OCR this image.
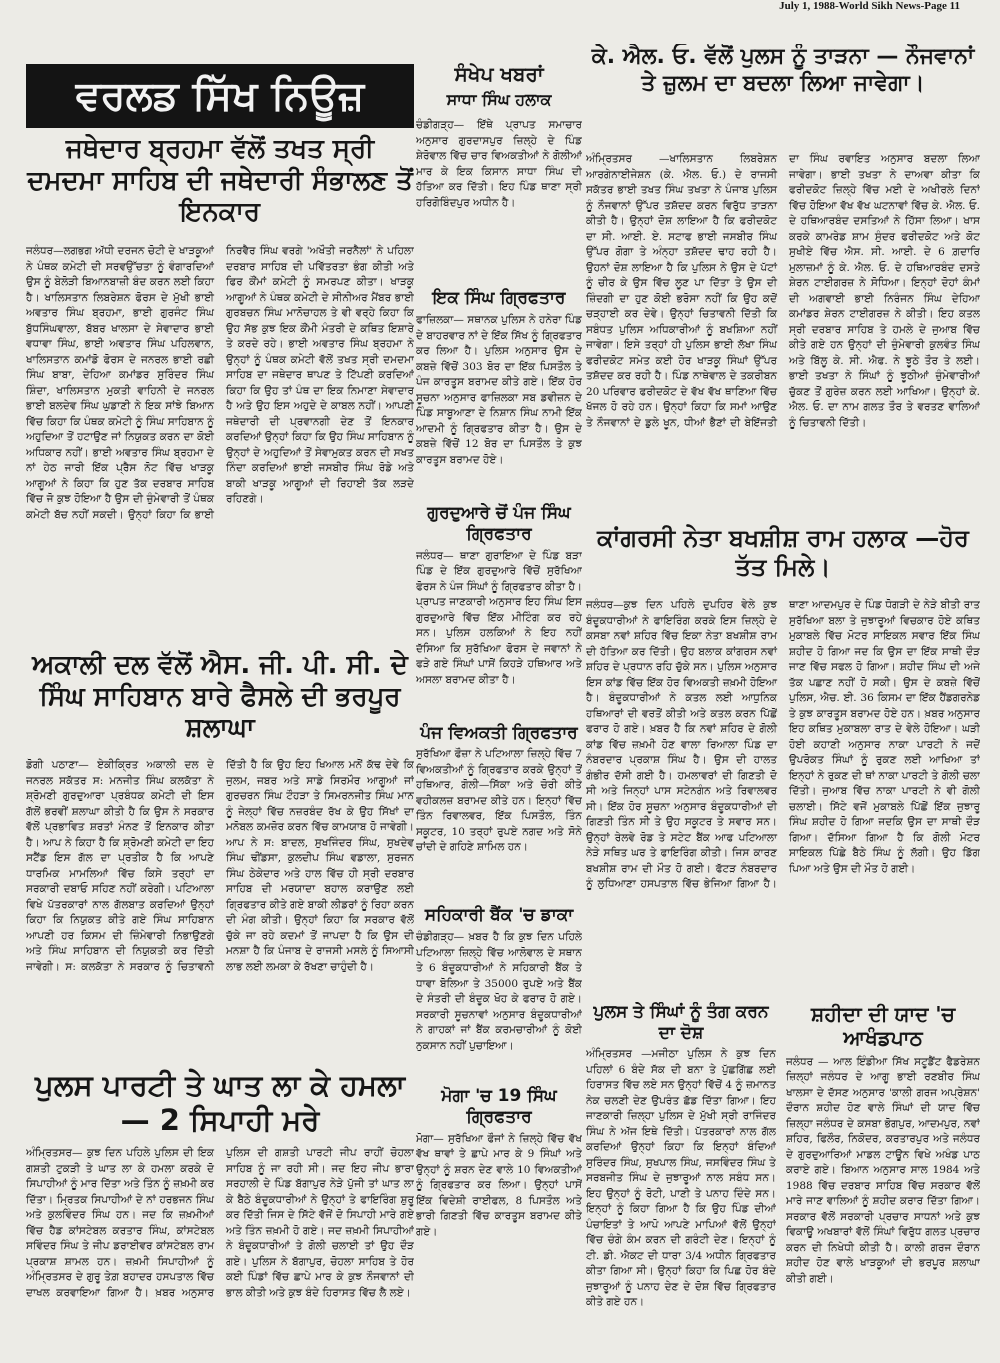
July 1, 1988-World Sikh News-Page 11
ਵਰਲਡ ਸਿੱਖ ਨਿਊਜ਼
ਜਥੇਦਾਰ ਬ੍ਰਹਮਾ ਵੱਲੋਂ ਤਖਤ ਸ੍ਰੀ ਦਮਦਮਾ ਸਾਹਿਬ ਦੀ ਜਥੇਦਾਰੀ ਸੰਭਾਲਣ ਤੋਂ ਇਨਕਾਰ
ਜਲੰਧਰ—ਲਗਭਗ ਅੱਧੀ ਦਰਜਨ ਚੋਟੀ ਦੇ ਖਾੜਕੂਆਂ ਨੇ ਪੰਥਕ ਕਮੇਟੀ ਦੀ ਸਰਵਉੱਚਤਾ ਨੂੰ ਵੰਗਾਰਦਿਆਂ ਉਸ ਨੂੰ ਬੇਲੋੜੀ ਬਿਆਨਬਾਜ਼ੀ ਬੰਦ ਕਰਨ ਲਈ ਕਿਹਾ ਹੈ। ਖਾਲਿਸਤਾਨ ਲਿਬਰੇਸ਼ਨ ਫੋਰਸ ਦੇ ਮੁੱਖੀ ਭਾਈ ਅਵਤਾਰ ਸਿੰਘ ਬ੍ਰਹਮਾ, ਭਾਈ ਗੁਰਜੰਟ ਸਿੰਘ ਬੁੱਧਸਿੰਘਵਾਲਾ, ਬੱਬਰ ਖਾਲਸਾ ਦੇ ਸੇਵਾਦਾਰ ਭਾਈ ਵਧਾਵਾ ਸਿੰਘ, ਭਾਈ ਅਵਤਾਰ ਸਿੰਘ ਪਹਿਲਵਾਨ, ਖਾਲਿਸਤਾਨ ਕਮਾਂਡੋ ਫੋਰਸ ਦੇ ਜਨਰਲ ਭਾਈ ਰਛੀ ਸਿੰਘ ਬਾਬਾ, ਦੇਹਿਆ ਕਮਾਂਡਰ ਸੁਰਿੰਦਰ ਸਿੰਘ ਸ਼ਿੰਦਾ, ਖਾਲਿਸਤਾਨ ਮੁਕਤੀ ਵਾਹਿਨੀ ਦੇ ਜਨਰਲ ਭਾਈ ਬਲਦੇਵ ਸਿੰਘ ਘੁਡਾਣੀ ਨੇ ਇਕ ਸਾਂਝੇ ਬਿਆਨ ਵਿੱਚ ਕਿਹਾ ਕਿ ਪੰਥਕ ਕਮੇਟੀ ਨੂੰ ਸਿੰਘ ਸਾਹਿਬਾਨ ਨੂੰ ਅਹੁਦਿਆ ਤੋਂ ਹਟਾਉਣ ਜਾਂ ਨਿਯੁਕਤ ਕਰਨ ਦਾ ਕੋਈ ਅਧਿਕਾਰ ਨਹੀਂ। ਭਾਈ ਅਵਤਾਰ ਸਿੰਘ ਬ੍ਰਹਮਾ ਦੇ ਨਾਂ ਹੇਠ ਜਾਰੀ ਇੱਕ ਪ੍ਰੈਸ ਨੋਟ ਵਿੱਚ ਖਾੜਕੂ ਆਗੂਆਂ ਨੇ ਕਿਹਾ ਕਿ ਹੁਣ ਤੱਕ ਦਰਬਾਰ ਸਾਹਿਬ ਵਿੱਚ ਜੋ ਕੁਝ ਹੋਇਆ ਹੈ ਉਸ ਦੀ ਜ਼ੁੰਮੇਵਾਰੀ ਤੋਂ ਪੰਥਕ ਕਮੇਟੀ ਬੱਚ ਨਹੀਂ ਸਕਦੀ। ਉਨ੍ਹਾਂ ਕਿਹਾ ਕਿ ਭਾਈ ਨਿਰਵੈਰ ਸਿੰਘ ਵਰਗੇ 'ਅਖੌਤੀ ਜਰਨੈਲਾਂ' ਨੇ ਪਹਿਲਾ ਦਰਬਾਰ ਸਾਹਿਬ ਦੀ ਪਵਿੱਤਰਤਾ ਭੰਗ ਕੀਤੀ ਅਤੇ ਫਿਰ ਕੌਂਮਾਂ ਕਮੇਟੀ ਨੂੰ ਸਮਰਪਣ ਕੀਤਾ। ਖਾੜਕੂ ਆਗੂਆਂ ਨੇ ਪੰਥਕ ਕਮੇਟੀ ਦੇ ਸੀਨੀਅਰ ਮੈਂਬਰ ਭਾਈ ਗੁਰਬਚਨ ਸਿੰਘ ਮਾਨੋਚਾਹਲ ਤੇ ਵੀ ਵਰ੍ਹੇ ਕਿਹਾ ਕਿ ਉਹ ਸੱਭ ਕੁਝ ਇਕ ਕੌਂਮੀ ਮੰਤਰੀ ਦੇ ਕਥਿਤ ਇਸ਼ਾਰੇ ਤੇ ਕਰਦੇ ਰਹੇ। ਭਾਈ ਅਵਤਾਰ ਸਿੰਘ ਬ੍ਰਹਮਾ ਨੇ ਉਨ੍ਹਾਂ ਨੂੰ ਪੰਥਕ ਕਮੇਟੀ ਵੱਲੋਂ ਤਖਤ ਸ੍ਰੀ ਦਮਦਮਾ ਸਾਹਿਬ ਦਾ ਜਥੇਦਾਰ ਥਾਪਣ ਤੇ ਟਿੱਪਣੀ ਕਰਦਿਆਂ ਕਿਹਾ ਕਿ ਉਹ ਤਾਂ ਪੰਥ ਦਾ ਇਕ ਨਿਮਾਣਾ ਸੇਵਾਦਾਰ ਹੈ ਅਤੇ ਉਹ ਇਸ ਅਹੁਦੇ ਦੇ ਕਾਬਲ ਨਹੀਂ। ਆਪਣੀ ਜਥੇਦਾਰੀ ਦੀ ਪ੍ਰਵਾਨਗੀ ਦੇਣ ਤੋਂ ਇਨਕਾਰ ਕਰਦਿਆਂ ਉਨ੍ਹਾਂ ਕਿਹਾ ਕਿ ਉਹ ਸਿੰਘ ਸਾਹਿਬਾਨ ਨੂੰ ਉਨ੍ਹਾਂ ਦੇ ਅਹੁਦਿਆਂ ਤੋਂ ਸੇਵਾਮੁਕਤ ਕਰਨ ਦੀ ਸਖਤ ਨਿੰਦਾ ਕਰਦਿਆਂ ਭਾਈ ਜਸਬੀਰ ਸਿੰਘ ਰੋਡੇ ਅਤੇ ਬਾਕੀ ਖਾੜਕੂ ਆਗੂਆਂ ਦੀ ਰਿਹਾਈ ਤੱਕ ਲੜਦੇ ਰਹਿਣਗੇ।
ਅਕਾਲੀ ਦਲ ਵੱਲੋਂ ਐਸ. ਜੀ. ਪੀ. ਸੀ. ਦੇ ਸਿੰਘ ਸਾਹਿਬਾਨ ਬਾਰੇ ਫੈਸਲੇ ਦੀ ਭਰਪੂਰ ਸ਼ਲਾਘਾ
ਡੋਗੀ ਪਠਾਣਾ— ਏਕੀਕ੍ਰਿਤ ਅਕਾਲੀ ਦਲ ਦੇ ਜਨਰਲ ਸਕੱਤਰ ਸ: ਮਨਜੀਤ ਸਿੰਘ ਕਲਕੱਤਾ ਨੇ ਸ਼੍ਰੋਮਣੀ ਗੁਰਦੁਆਰਾ ਪ੍ਰਬੰਧਕ ਕਮੇਟੀ ਦੀ ਇਸ ਗੱਲੋਂ ਭਰਵੀਂ ਸ਼ਲਾਘਾ ਕੀਤੀ ਹੈ ਕਿ ਉਸ ਨੇ ਸਰਕਾਰ ਵੱਲੋਂ ਪ੍ਰਭਾਵਿਤ ਸ਼ਰਤਾਂ ਮੰਨਣ ਤੋਂ ਇਨਕਾਰ ਕੀਤਾ ਹੈ। ਆਪ ਨੇ ਕਿਹਾ ਹੈ ਕਿ ਸ਼੍ਰੋਮਣੀ ਕਮੇਟੀ ਦਾ ਇਹ ਸਟੈਂਡ ਇਸ ਗੱਲ ਦਾ ਪ੍ਰਤੀਕ ਹੈ ਕਿ ਆਪਣੇ ਧਾਰਮਿਕ ਮਾਮਲਿਆਂ ਵਿੱਚ ਕਿਸੇ ਤਰ੍ਹਾਂ ਦਾ ਸਰਕਾਰੀ ਦਬਾਓ ਸਹਿਣ ਨਹੀਂ ਕਰੇਗੀ। ਪਟਿਆਲਾ ਵਿਖੇ ਪੱਤਰਕਾਰਾਂ ਨਾਲ ਗੱਲਬਾਤ ਕਰਦਿਆਂ ਉਨ੍ਹਾਂ ਕਿਹਾ ਕਿ ਨਿਯੁਕਤ ਕੀਤੇ ਗਏ ਸਿੰਘ ਸਾਹਿਬਾਨ ਆਪਣੀ ਹਰ ਕਿਸਮ ਦੀ ਜ਼ਿੰਮੇਵਾਰੀ ਨਿਭਾਉਣਗੇ ਅਤੇ ਸਿੰਘ ਸਾਹਿਬਾਨ ਦੀ ਨਿਯੁਕਤੀ ਕਰ ਦਿੱਤੀ ਜਾਵੇਗੀ। ਸ: ਕਲਕੱਤਾ ਨੇ ਸਰਕਾਰ ਨੂੰ ਚਿਤਾਵਨੀ ਦਿੱਤੀ ਹੈ ਕਿ ਉਹ ਇਹ ਖਿਆਲ ਮਨੋਂ ਕੱਢ ਦੇਵੇ ਕਿ ਜੁਲਮ, ਜਬਰ ਅਤੇ ਸਾਡੇ ਸਿਰਮੌਰ ਆਗੂਆਂ ਜਾਂ ਗੁਰਚਰਨ ਸਿੰਘ ਟੌਹੜਾ ਤੇ ਸਿਮਰਨਜੀਤ ਸਿੰਘ ਮਾਨ ਨੂੰ ਜੇਲ੍ਹਾਂ ਵਿੱਚ ਨਜ਼ਰਬੰਦ ਰੱਖ ਕੇ ਉਹ ਸਿੱਖਾਂ ਦਾ ਮਨੋਬਲ ਕਮਜ਼ੋਰ ਕਰਨ ਵਿੱਚ ਕਾਮਯਾਬ ਹੋ ਜਾਵੇਗੀ। ਆਪ ਨੇ ਸ: ਬਾਦਲ, ਸੁਖਜਿੰਦਰ ਸਿੰਘ, ਸੁਖਦੇਵ ਸਿੰਘ ਢੀਂਡਸਾ, ਕੁਲਦੀਪ ਸਿੰਘ ਵਡਾਲਾ, ਸੁਰਜਨ ਸਿੰਘ ਠੇਕੇਦਾਰ ਅਤੇ ਹਾਲ ਵਿੱਚ ਹੀ ਸ੍ਰੀ ਦਰਬਾਰ ਸਾਹਿਬ ਦੀ ਮਰਯਾਦਾ ਬਹਾਲ ਕਰਾਉਣ ਲਈ ਗ੍ਰਿਫਤਾਰ ਕੀਤੇ ਗਏ ਬਾਕੀ ਲੀਡਰਾਂ ਨੂੰ ਰਿਹਾ ਕਰਨ ਦੀ ਮੰਗ ਕੀਤੀ। ਉਨ੍ਹਾਂ ਕਿਹਾ ਕਿ ਸਰਕਾਰ ਵੱਲੋਂ ਚੁੱਕੇ ਜਾ ਰਹੇ ਕਦਮਾਂ ਤੋਂ ਜਾਪਦਾ ਹੈ ਕਿ ਉਸ ਦੀ ਮਨਸ਼ਾ ਹੈ ਕਿ ਪੰਜਾਬ ਦੇ ਰਾਜਸੀ ਮਸਲੇ ਨੂੰ ਸਿਆਸੀ ਲਾਭ ਲਈ ਲਮਕਾ ਕੇ ਰੱਖਣਾ ਚਾਹੁੰਦੀ ਹੈ।
ਪੁਲਸ ਪਾਰਟੀ ਤੇ ਘਾਤ ਲਾ ਕੇ ਹਮਲਾ — 2 ਸਿਪਾਹੀ ਮਰੇ
ਅੰਮ੍ਰਿਤਸਰ— ਕੁਝ ਦਿਨ ਪਹਿਲੇ ਪੁਲਿਸ ਦੀ ਇਕ ਗਸ਼ਤੀ ਟੁਕੜੀ ਤੇ ਘਾਤ ਲਾ ਕੇ ਹਮਲਾ ਕਰਕੇ ਦੋ ਸਿਪਾਹੀਆਂ ਨੂੰ ਮਾਰ ਦਿੱਤਾ ਅਤੇ ਤਿੰਨ ਨੂੰ ਜ਼ਖ਼ਮੀ ਕਰ ਦਿੱਤਾ। ਮ੍ਰਿਤਕ ਸਿਪਾਹੀਆਂ ਦੇ ਨਾਂ ਹਰਭਜਨ ਸਿੰਘ ਅਤੇ ਕੁਲਵਿੰਦਰ ਸਿੰਘ ਹਨ। ਜਦ ਕਿ ਜ਼ਖ਼ਮੀਆਂ ਵਿੱਚ ਹੈਡ ਕਾਂਸਟੇਬਲ ਕਰਤਾਰ ਸਿੰਘ, ਕਾਂਸਟੇਬਲ ਸਵਿੰਦਰ ਸਿੰਘ ਤੇ ਜੀਪ ਡਰਾਈਵਰ ਕਾਂਸਟੇਬਲ ਰਾਮ ਪ੍ਰਕਾਸ਼ ਸ਼ਾਮਲ ਹਨ। ਜ਼ਖ਼ਮੀ ਸਿਪਾਹੀਆਂ ਨੂੰ ਅੰਮ੍ਰਿਤਸਰ ਦੇ ਗੁਰੂ ਤੇਗ਼ ਬਹਾਦਰ ਹਸਪਤਾਲ ਵਿੱਚ ਦਾਖਲ ਕਰਵਾਇਆ ਗਿਆ ਹੈ। ਖ਼ਬਰ ਅਨੁਸਾਰ ਪੁਲਿਸ ਦੀ ਗਸ਼ਤੀ ਪਾਰਟੀ ਜੀਪ ਰਾਹੀਂ ਚੋਹਲਾ ਸਾਹਿਬ ਨੂੰ ਜਾ ਰਹੀ ਸੀ। ਜਦ ਇਹ ਜੀਪ ਭਾਰਾ ਸਰਹਾਲੀ ਦੇ ਪਿੰਡ ਬੱਗਾਪੁਰ ਨੇੜੇ ਪੁੱਜੀ ਤਾਂ ਘਾਤ ਲਾ ਕੇ ਬੈਠੇ ਬੰਦੂਕਧਾਰੀਆਂ ਨੇ ਉਨ੍ਹਾਂ ਤੇ ਫਾਇਰਿੰਗ ਸ਼ੁਰੂ ਕਰ ਦਿੱਤੀ ਜਿਸ ਦੇ ਸਿੱਟੇ ਵੱਜੋਂ ਦੋ ਸਿਪਾਹੀ ਮਾਰੇ ਗਏ ਅਤੇ ਤਿੰਨ ਜ਼ਖ਼ਮੀ ਹੋ ਗਏ। ਜਦ ਜ਼ਖ਼ਮੀ ਸਿਪਾਹੀਆਂ ਨੇ ਬੰਦੂਕਧਾਰੀਆਂ ਤੇ ਗੋਲੀ ਚਲਾਈ ਤਾਂ ਉਹ ਦੌੜ ਗਏ। ਪੁਲਿਸ ਨੇ ਬੱਗਾਪੁਰ, ਚੋਹਲਾ ਸਾਹਿਬ ਤੇ ਹੋਰ ਕਈ ਪਿੰਡਾਂ ਵਿੱਚ ਛਾਪੇ ਮਾਰ ਕੇ ਕੁਝ ਨੌਜਵਾਨਾਂ ਦੀ ਭਾਲ ਕੀਤੀ ਅਤੇ ਕੁਝ ਬੰਦੇ ਹਿਰਾਸਤ ਵਿੱਚ ਲੈ ਲਏ।
ਸੰਖੇਪ ਖਬਰਾਂ
ਸਾਧਾ ਸਿੰਘ ਹਲਾਕ
ਚੰਡੀਗੜ੍ਹ— ਇੱਥੇ ਪ੍ਰਾਪਤ ਸਮਾਚਾਰ ਅਨੁਸਾਰ ਗੁਰਦਾਸਪੁਰ ਜ਼ਿਲ੍ਹੇ ਦੇ ਪਿੰਡ ਸ਼ੇਰੋਵਾਲ ਵਿੱਚ ਚਾਰ ਵਿਅਕਤੀਆਂ ਨੇ ਗੋਲੀਆਂ ਮਾਰ ਕੇ ਇਕ ਕਿਸਾਨ ਸਾਧਾ ਸਿੰਘ ਦੀ ਹੱਤਿਆ ਕਰ ਦਿੱਤੀ। ਇਹ ਪਿੰਡ ਥਾਣਾ ਸ੍ਰੀ ਹਰਿਗੋਬਿੰਦਪੁਰ ਅਧੀਨ ਹੈ।
ਇਕ ਸਿੰਘ ਗ੍ਰਿਫਤਾਰ
ਫਾਜ਼ਿਲਕਾ— ਸਥਾਨਕ ਪੁਲਿਸ ਨੇ ਹਨੇਰਾ ਪਿੰਡ ਦੇ ਬਾਹਰਵਾਰ ਨਾਂ ਦੇ ਇੱਕ ਸਿੱਖ ਨੂੰ ਗ੍ਰਿਫਤਾਰ ਕਰ ਲਿਆ ਹੈ। ਪੁਲਿਸ ਅਨੁਸਾਰ ਉਸ ਦੇ ਕਬਜ਼ੇ ਵਿੱਚੋਂ 303 ਬੋਰ ਦਾ ਇੱਕ ਪਿਸਤੌਲ ਤੇ ਪੰਜ ਕਾਰਤੂਸ ਬਰਾਮਦ ਕੀਤੇ ਗਏ। ਇੱਕ ਹੋਰ ਸੂਚਨਾ ਅਨੁਸਾਰ ਫਾਜ਼ਿਲਕਾ ਸਬ ਡਵੀਜ਼ਨ ਦੇ ਪਿੰਡ ਸਾਬੂਆਣਾ ਦੇ ਨਿਸ਼ਾਨ ਸਿੰਘ ਨਾਮੀ ਇੱਕ ਆਦਮੀ ਨੂੰ ਗ੍ਰਿਫਤਾਰ ਕੀਤਾ ਹੈ। ਉਸ ਦੇ ਕਬਜ਼ੇ ਵਿੱਚੋਂ 12 ਬੋਰ ਦਾ ਪਿਸਤੌਲ ਤੇ ਕੁਝ ਕਾਰਤੂਸ ਬਰਾਮਦ ਹੋਏ।
ਗੁਰਦੁਆਰੇ ਚੋਂ ਪੰਜ ਸਿੰਘ ਗ੍ਰਿਫਤਾਰ
ਜਲੰਧਰ— ਥਾਣਾ ਗੁਰਾਇਆ ਦੇ ਪਿੰਡ ਬੜਾ ਪਿੰਡ ਦੇ ਇੱਕ ਗੁਰਦੁਆਰੇ ਵਿੱਚੋਂ ਸੁਰੱਖਿਆ ਫੋਰਸ ਨੇ ਪੰਜ ਸਿੰਘਾਂ ਨੂੰ ਗ੍ਰਿਫਤਾਰ ਕੀਤਾ ਹੈ। ਪ੍ਰਾਪਤ ਜਾਣਕਾਰੀ ਅਨੁਸਾਰ ਇਹ ਸਿੰਘ ਇਸ ਗੁਰਦੁਆਰੇ ਵਿੱਚ ਇੱਕ ਮੀਟਿੰਗ ਕਰ ਰਹੇ ਸਨ। ਪੁਲਿਸ ਹਲਕਿਆਂ ਨੇ ਇਹ ਨਹੀਂ ਦੱਸਿਆ ਕਿ ਸੁਰੱਖਿਆ ਫੋਰਸ ਦੇ ਜਵਾਨਾਂ ਨੇ ਫੜੇ ਗਏ ਸਿੰਘਾਂ ਪਾਸੋਂ ਕਿਹੜੇ ਹਥਿਆਰ ਅਤੇ ਅਸਲਾ ਬਰਾਮਦ ਕੀਤਾ ਹੈ।
ਪੰਜ ਵਿਅਕਤੀ ਗ੍ਰਿਫਤਾਰ
ਸੁਰੱਖਿਆ ਫੌਜ਼ਾ ਨੇ ਪਟਿਆਲਾ ਜ਼ਿਲ੍ਹੇ ਵਿੱਚ 7 ਵਿਅਕਤੀਆਂ ਨੂੰ ਗ੍ਰਿਫਤਾਰ ਕਰਕੇ ਉਨ੍ਹਾਂ ਤੋਂ ਹਥਿਆਰ, ਗੋਲੀ—ਸਿੱਕਾ ਅਤੇ ਚੋਰੀ ਕੀਤੇ ਵਹੀਕਲਜ਼ ਬਰਾਮਦ ਕੀਤੇ ਹਨ। ਇਨ੍ਹਾਂ ਵਿੱਚ ਤਿੰਨ ਰਿਵਾਲਵਰ, ਇੱਕ ਪਿਸਤੌਲ, ਤਿੰਨ ਸਕੂਟਰ, 10 ਤਰ੍ਹਾਂ ਰੁਪਏ ਨਗਦ ਅਤੇ ਸੋਨੇ ਚਾਂਦੀ ਦੇ ਗਹਿਣੇ ਸ਼ਾਮਿਲ ਹਨ।
ਸਹਿਕਾਰੀ ਬੈਂਕ 'ਚ ਡਾਕਾ
ਚੰਡੀਗੜ੍ਹ— ਖ਼ਬਰ ਹੈ ਕਿ ਕੁਝ ਦਿਨ ਪਹਿਲੇ ਪਟਿਆਲਾ ਜ਼ਿਲ੍ਹੇ ਵਿੱਚ ਆਲੋਵਾਲ ਦੇ ਸਥਾਨ ਤੇ 6 ਬੰਦੂਕਧਾਰੀਆਂ ਨੇ ਸਹਿਕਾਰੀ ਬੈਂਕ ਤੇ ਧਾਵਾ ਬੋਲਿਆ ਤੇ 35000 ਰੁਪਏ ਅਤੇ ਬੈਂਕ ਦੇ ਸੰਤਰੀ ਦੀ ਬੰਦੂਕ ਖੋਹ ਕੇ ਫਰਾਰ ਹੋ ਗਏ। ਸਰਕਾਰੀ ਸੂਚਨਾਵਾਂ ਅਨੁਸਾਰ ਬੰਦੂਕਧਾਰੀਆਂ ਨੇ ਗਾਹਕਾਂ ਜਾਂ ਬੈਂਕ ਕਰਮਚਾਰੀਆਂ ਨੂੰ ਕੋਈ ਨੁਕਸਾਨ ਨਹੀਂ ਪੁਚਾਇਆ।
ਮੋਗਾ 'ਚ 19 ਸਿੰਘ ਗ੍ਰਿਫਤਾਰ
ਮੋਗਾ— ਸੁਰੱਖਿਆ ਫੌਜਾਂ ਨੇ ਜ਼ਿਲ੍ਹੇ ਵਿੱਚ ਵੱਖ ਵੱਖ ਥਾਵਾਂ ਤੇ ਛਾਪੇ ਮਾਰ ਕੇ 9 ਸਿੰਘਾਂ ਅਤੇ ਉਨ੍ਹਾਂ ਨੂੰ ਸ਼ਰਨ ਦੇਣ ਵਾਲੇ 10 ਵਿਅਕਤੀਆਂ ਨੂੰ ਗ੍ਰਿਫਤਾਰ ਕਰ ਲਿਆ। ਉਨ੍ਹਾਂ ਪਾਸੋਂ ਇੱਕ ਵਿਦੇਸ਼ੀ ਰਾਈਫਲ, 8 ਪਿਸਤੌਲ ਅਤੇ ਭਾਰੀ ਗਿਣਤੀ ਵਿੱਚ ਕਾਰਤੂਸ ਬਰਾਮਦ ਕੀਤੇ ਗਏ।
ਕੇ. ਐਲ. ਓ. ਵੱਲੋਂ ਪੁਲਸ ਨੂੰ ਤਾੜਨਾ — ਨੌਜਵਾਨਾਂ ਤੇ ਜ਼ੁਲਮ ਦਾ ਬਦਲਾ ਲਿਆ ਜਾਵੇਗਾ।
ਅੰਮ੍ਰਿਤਸਰ —ਖਾਲਿਸਤਾਨ ਲਿਬਰੇਸ਼ਨ ਆਰਗੇਨਾਈਜੇਸ਼ਨ (ਕੇ. ਐਲ. ਓ.) ਦੇ ਰਾਜਸੀ ਸਕੱਤਰ ਭਾਈ ਤਖਤ ਸਿੰਘ ਤਖਤਾ ਨੇ ਪੰਜਾਬ ਪੁਲਿਸ ਨੂੰ ਨੌਜਵਾਨਾਂ ਉੱਪਰ ਤਸ਼ੱਦਦ ਕਰਨ ਵਿਰੁੱਧ ਤਾੜਨਾ ਕੀਤੀ ਹੈ। ਉਨ੍ਹਾਂ ਦੋਸ਼ ਲਾਇਆ ਹੈ ਕਿ ਫਰੀਦਕੋਟ ਦਾ ਸੀ. ਆਈ. ਏ. ਸਟਾਫ ਭਾਈ ਜਸਬੀਰ ਸਿੰਘ ਉੱਪਰ ਗੋਗਾ ਤੇ ਅੰਨ੍ਹਾ ਤਸ਼ੱਦਦ ਢਾਹ ਰਹੀ ਹੈ। ਉਹਨਾਂ ਦੋਸ਼ ਲਾਇਆ ਹੈ ਕਿ ਪੁਲਿਸ ਨੇ ਉਸ ਦੇ ਪੱਟਾਂ ਨੂੰ ਚੀਰ ਕੇ ਉਸ ਵਿੱਚ ਲੂਣ ਪਾ ਦਿੱਤਾ ਤੇ ਉਸ ਦੀ ਜ਼ਿੰਦਗੀ ਦਾ ਹੁਣ ਕੋਈ ਭਰੋਸਾ ਨਹੀਂ ਕਿ ਉਹ ਕਦੋਂ ਚੜ੍ਹਾਈ ਕਰ ਦੇਵੇ। ਉਨ੍ਹਾਂ ਚਿਤਾਵਨੀ ਦਿੱਤੀ ਕਿ ਸਬੰਧਤ ਪੁਲਿਸ ਅਧਿਕਾਰੀਆਂ ਨੂੰ ਬਖਸ਼ਿਆ ਨਹੀਂ ਜਾਵੇਗਾ। ਇਸੇ ਤਰ੍ਹਾਂ ਹੀ ਪੁਲਿਸ ਭਾਈ ਲੱਖਾ ਸਿੰਘ ਫਰੀਦਕੋਟ ਸਮੇਤ ਕਈ ਹੋਰ ਖਾੜਕੂ ਸਿੰਘਾਂ ਉੱਪਰ ਤਸ਼ੱਦਦ ਕਰ ਰਹੀ ਹੈ। ਪਿੰਡ ਨਾਥੇਵਾਲ ਦੇ ਤਕਰੀਬਨ 20 ਪਰਿਵਾਰ ਫਰੀਦਕੋਟ ਦੇ ਵੱਖ ਵੱਖ ਥਾਣਿਆ ਵਿੱਚ ਖੱਜਲ ਹੋ ਰਹੇ ਹਨ। ਉਨ੍ਹਾਂ ਕਿਹਾ ਕਿ ਸਮਾਂ ਆਉਣ ਤੇ ਨੌਜਵਾਨਾਂ ਦੇ ਡੁਲੇ ਖੂਨ, ਧੀਆਂ ਭੈਣਾਂ ਦੀ ਬੇਇੱਜਤੀ ਦਾ ਸਿੰਘ ਰਵਾਇਤ ਅਨੁਸਾਰ ਬਦਲਾ ਲਿਆ ਜਾਵੇਗਾ। ਭਾਈ ਤਖਤਾ ਨੇ ਦਾਅਵਾ ਕੀਤਾ ਕਿ ਫਰੀਦਕੋਟ ਜ਼ਿਲ੍ਹੇ ਵਿੱਚ ਮਈ ਦੇ ਅਖੀਰਲੇ ਦਿਨਾਂ ਵਿੱਚ ਹੋਇਆ ਵੱਖ ਵੱਖ ਘਟਨਾਵਾਂ ਵਿੱਚ ਕੇ. ਐਲ. ਓ. ਦੇ ਹਥਿਆਰਬੰਦ ਦਸਤਿਆਂ ਨੇ ਹਿੱਸਾ ਲਿਆ। ਖਾਸ ਕਰਕੇ ਕਾਮਰੇਡ ਸ਼ਾਮ ਸੁੰਦਰ ਫਰੀਦਕੋਟ ਅਤੇ ਕੋਟ ਸੁਖੀਏ ਵਿੱਚ ਐਸ. ਸੀ. ਆਈ. ਦੇ 6 ਗ਼ਦਾਰਿ ਮੁਲਾਜ਼ਮਾਂ ਨੂੰ ਕੇ. ਐਲ. ਓ. ਦੇ ਹਥਿਆਰਬੰਦ ਦਸਤੇ ਸ਼ੇਰਨ ਟਾਈਗਰਜ਼ ਨੇ ਸੋਧਿਆ। ਇਨ੍ਹਾਂ ਦੋਹਾਂ ਕੰਮਾਂ ਦੀ ਅਗਵਾਈ ਭਾਈ ਨਿਰੰਜਨ ਸਿੰਘ ਦੇਹਿਆ ਕਮਾਂਡਰ ਸ਼ੇਰਨ ਟਾਈਗਰਜ਼ ਨੇ ਕੀਤੀ। ਇਹ ਕਤਲ ਸ੍ਰੀ ਦਰਬਾਰ ਸਾਹਿਬ ਤੇ ਹਮਲੇ ਦੇ ਜੁਆਬ ਵਿੱਚ ਕੀਤੇ ਗਏ ਹਨ ਉਨ੍ਹਾਂ ਦੀ ਜ਼ੁੰਮੇਵਾਰੀ ਕੁਲਵੰਤ ਸਿੰਘ ਅਤੇ ਬਿੱਲੂ ਕੇ. ਸੀ. ਐਫ. ਨੇ ਝੂਠੇ ਤੌਰ ਤੇ ਲਈ। ਭਾਈ ਤਖਤਾ ਨੇ ਸਿੰਘਾਂ ਨੂੰ ਝੂਠੀਆਂ ਜ਼ੁੰਮੇਵਾਰੀਆਂ ਚੁੱਕਣ ਤੋਂ ਗੁਰੇਜ਼ ਕਰਨ ਲਈ ਆਖਿਆ। ਉਨ੍ਹਾਂ ਕੇ. ਐਲ. ਓ. ਦਾ ਨਾਮ ਗਲਤ ਤੌਰ ਤੇ ਵਰਤਣ ਵਾਲਿਆਂ ਨੂੰ ਚਿਤਾਵਨੀ ਦਿੱਤੀ।
ਕਾਂਗਰਸੀ ਨੇਤਾ ਬਖਸ਼ੀਸ਼ ਰਾਮ ਹਲਾਕ —ਹੋਰ ਤੱਤ ਮਿਲੇ।
ਜਲੰਧਰ—ਕੁਝ ਦਿਨ ਪਹਿਲੇ ਦੁਪਹਿਰ ਵੇਲੇ ਕੁਝ ਬੰਦੂਕਧਾਰੀਆਂ ਨੇ ਫਾਇਰਿੰਗ ਕਰਕੇ ਇਸ ਜ਼ਿਲ੍ਹੇ ਦੇ ਕਸਬਾ ਨਵਾਂ ਸ਼ਹਿਰ ਵਿੱਚ ਇਕਾ ਨੇਤਾ ਬਖਸ਼ੀਸ਼ ਰਾਮ ਦੀ ਹੱਤਿਆ ਕਰ ਦਿੱਤੀ। ਉਹ ਬਲਾਕ ਕਾਂਗਰਸ ਨਵਾਂ ਸ਼ਹਿਰ ਦੇ ਪ੍ਰਧਾਨ ਰਹਿ ਚੁੱਕੇ ਸਨ। ਪੁਲਿਸ ਅਨੁਸਾਰ ਇਸ ਕਾਂਡ ਵਿੱਚ ਇੱਕ ਹੋਰ ਵਿਅਕਤੀ ਜ਼ਖ਼ਮੀ ਹੋਇਆ ਹੈ। ਬੰਦੂਕਧਾਰੀਆਂ ਨੇ ਕਤਲ ਲਈ ਆਧੁਨਿਕ ਹਥਿਆਰਾਂ ਦੀ ਵਰਤੋਂ ਕੀਤੀ ਅਤੇ ਕਤਲ ਕਰਨ ਪਿੱਛੋਂ ਫਰਾਰ ਹੋ ਗਏ। ਖ਼ਬਰ ਹੈ ਕਿ ਨਵਾਂ ਸ਼ਹਿਰ ਦੇ ਗੋਲੀ ਕਾਂਡ ਵਿੱਚ ਜ਼ਖ਼ਮੀ ਹੋਣ ਵਾਲਾ ਰਿਆਲਾ ਪਿੰਡ ਦਾ ਨੰਬਰਦਾਰ ਪ੍ਰਕਾਸ਼ ਸਿੰਘ ਹੈ। ਉਸ ਦੀ ਹਾਲਤ ਗੰਭੀਰ ਦੱਸੀ ਗਈ ਹੈ। ਹਮਲਾਵਰਾਂ ਦੀ ਗਿਣਤੀ ਦੋ ਸੀ ਅਤੇ ਜਿਨ੍ਹਾਂ ਪਾਸ ਸਟੇਨਗੰਨ ਅਤੇ ਰਿਵਾਲਵਰ ਸੀ। ਇੱਕ ਹੋਰ ਸੂਚਨਾ ਅਨੁਸਾਰ ਬੰਦੂਕਧਾਰੀਆਂ ਦੀ ਗਿਣਤੀ ਤਿੰਨ ਸੀ ਤੇ ਉਹ ਸਕੂਟਰ ਤੇ ਸਵਾਰ ਸਨ। ਉਨ੍ਹਾਂ ਰੇਲਵੇ ਰੋਡ ਤੇ ਸਟੇਟ ਬੈਂਕ ਆਫ ਪਟਿਆਲਾ ਨੇੜੇ ਸਥਿਤ ਘਰ ਤੇ ਫਾਇਰਿੰਗ ਕੀਤੀ। ਜਿਸ ਕਾਰਣ ਬਖਸ਼ੀਸ਼ ਰਾਮ ਦੀ ਮੌਤ ਹੋ ਗਈ। ਫੱਟੜ ਨੰਬਰਦਾਰ ਨੂੰ ਲੁਧਿਆਣਾ ਹਸਪਤਾਲ ਵਿੱਚ ਭੇਜਿਆ ਗਿਆ ਹੈ। ਥਾਣਾ ਆਦਮਪੁਰ ਦੇ ਪਿੰਡ ਧੋਗੜੀ ਦੇ ਨੇੜੇ ਬੀਤੀ ਰਾਤ ਸੁਰੱਖਿਆ ਬਲਾ ਤੇ ਜੁਝਾਰੂਆਂ ਵਿਚਕਾਰ ਹੋਏ ਕਥਿਤ ਮੁਕਾਬਲੇ ਵਿੱਚ ਮੋਟਰ ਸਾਇਕਲ ਸਵਾਰ ਇੱਕ ਸਿੰਘ ਸ਼ਹੀਦ ਹੋ ਗਿਆ ਜਦ ਕਿ ਉਸ ਦਾ ਇੱਕ ਸਾਥੀ ਦੌੜ ਜਾਣ ਵਿੱਚ ਸਫਲ ਹੋ ਗਿਆ। ਸ਼ਹੀਦ ਸਿੰਘ ਦੀ ਅਜੇ ਤੱਕ ਪਛਾਣ ਨਹੀਂ ਹੋ ਸਕੀ। ਉਸ ਦੇ ਕਬਜ਼ੇ ਵਿੱਚੋਂ ਪੁਲਿਸ, ਐਚ. ਈ. 36 ਕਿਸਮ ਦਾ ਇੱਕ ਹੈਂਡਗਰਨੇਡ ਤੇ ਕੁਝ ਕਾਰਤੂਸ ਬਰਾਮਦ ਹੋਏ ਹਨ। ਖ਼ਬਰ ਅਨੁਸਾਰ ਇਹ ਕਥਿਤ ਮੁਕਾਬਲਾ ਰਾਤ ਦੇ ਵੇਲੇ ਹੋਇਆ। ਘੜੀ ਹੋਈ ਕਹਾਣੀ ਅਨੁਸਾਰ ਨਾਕਾ ਪਾਰਟੀ ਨੇ ਜਦੋਂ ਉਪਰੋਕਤ ਸਿੰਘਾਂ ਨੂੰ ਰੁਕਣ ਲਈ ਆਖਿਆ ਤਾਂ ਇਨ੍ਹਾਂ ਨੇ ਰੁਕਣ ਦੀ ਥਾਂ ਨਾਕਾ ਪਾਰਟੀ ਤੇ ਗੋਲੀ ਚਲਾ ਦਿੱਤੀ। ਜੁਆਬ ਵਿੱਚ ਨਾਕਾ ਪਾਰਟੀ ਨੇ ਵੀ ਗੋਲੀ ਚਲਾਈ। ਸਿੱਟੇ ਵਜੋਂ ਮੁਕਾਬਲੇ ਪਿੱਛੋਂ ਇੱਕ ਜੁਝਾਰੂ ਸਿੰਘ ਸ਼ਹੀਦ ਹੋ ਗਿਆ ਜਦਕਿ ਉਸ ਦਾ ਸਾਥੀ ਦੌੜ ਗਿਆ। ਦੱਸਿਆ ਗਿਆ ਹੈ ਕਿ ਗੋਲੀ ਮੋਟਰ ਸਾਇਕਲ ਪਿੱਛੇ ਬੈਠੇ ਸਿੰਘ ਨੂੰ ਲੱਗੀ। ਉਹ ਡਿੱਗ ਪਿਆ ਅਤੇ ਉਸ ਦੀ ਮੌਤ ਹੋ ਗਈ।
ਪੁਲਸ ਤੇ ਸਿੰਘਾਂ ਨੂੰ ਤੰਗ ਕਰਨ ਦਾ ਦੋਸ਼
ਅੰਮ੍ਰਿਤਸਰ —ਮਜੀਠਾ ਪੁਲਿਸ ਨੇ ਕੁਝ ਦਿਨ ਪਹਿਲਾਂ 6 ਬੰਦੇ ਸੱਕ ਦੀ ਬਨਾ ਤੇ ਪੁੱਛਗਿੱਛ ਲਈ ਹਿਰਾਸਤ ਵਿੱਚ ਲਏ ਸਨ ਉਨ੍ਹਾਂ ਵਿੱਚੋਂ 4 ਨੂੰ ਜ਼ਮਾਨਤ ਨੇਕ ਚਲਣੀ ਦੇਣ ਉਪਰੰਤ ਛੱਡ ਦਿੱਤਾ ਗਿਆ। ਇਹ ਜਾਣਕਾਰੀ ਜ਼ਿਲ੍ਹਾ ਪੁਲਿਸ ਦੇ ਮੁੱਖੀ ਸ੍ਰੀ ਰਾਜਿੰਦਰ ਸਿੰਘ ਨੇ ਅੱਜ ਇਥੇ ਦਿੱਤੀ। ਪੱਤਰਕਾਰਾਂ ਨਾਲ ਗੱਲ ਕਰਦਿਆਂ ਉਨ੍ਹਾਂ ਕਿਹਾ ਕਿ ਇਨ੍ਹਾਂ ਬੰਦਿਆਂ ਸੁਰਿੰਦਰ ਸਿੰਘ, ਸੁਖਪਾਲ ਸਿੰਘ, ਜਸਵਿੰਦਰ ਸਿੰਘ ਤੇ ਸਰਬਜੀਤ ਸਿੰਘ ਦੇ ਜੁਝਾਰੂਆਂ ਨਾਲ ਸਬੰਧ ਸਨ। ਇਹ ਉਨ੍ਹਾਂ ਨੂੰ ਰੋਟੀ, ਪਾਣੀ ਤੇ ਪਨਾਹ ਦਿੰਦੇ ਸਨ। ਇਨ੍ਹਾਂ ਨੂੰ ਕਿਹਾ ਗਿਆ ਹੈ ਕਿ ਉਹ ਪਿੰਡ ਦੀਆਂ ਪੰਚਾਇਤਾਂ ਤੇ ਆਪੋ ਆਪਣੇ ਮਾਪਿਆਂ ਵੱਲੋਂ ਉਨ੍ਹਾਂ ਵਿੱਚ ਚੰਗੇ ਕੰਮ ਕਰਨ ਦੀ ਗਰੰਟੀ ਦੇਣ। ਇਨ੍ਹਾਂ ਨੂੰ ਟੀ. ਡੀ. ਐਕਟ ਦੀ ਧਾਰਾ 3/4 ਅਧੀਨ ਗ੍ਰਿਫਤਾਰ ਕੀਤਾ ਗਿਆ ਸੀ। ਉਨ੍ਹਾਂ ਕਿਹਾ ਕਿ ਪਿਛ ਹੋਰ ਬੰਦੇ ਜੁਝਾਰੂਆਂ ਨੂੰ ਪਨਾਹ ਦੇਣ ਦੇ ਦੋਸ਼ ਵਿੱਚ ਗ੍ਰਿਫਤਾਰ ਕੀਤੇ ਗਏ ਹਨ।
ਸ਼ਹੀਦਾ ਦੀ ਯਾਦ 'ਚ ਆਖੰਡਪਾਠ
ਜਲੰਧਰ — ਆਲ ਇੰਡੀਆ ਸਿੱਖ ਸਟੂਡੈਂਟ ਫੈਡਰੇਸ਼ਨ ਜ਼ਿਲ੍ਹਾਂ ਜਲੰਧਰ ਦੇ ਆਗੂ ਭਾਈ ਰਣਬੀਰ ਸਿੰਘ ਖਾਲਸਾ ਦੇ ਦੱਸਣ ਅਨੁਸਾਰ 'ਕਾਲੀ ਗਰਜ ਅਪ੍ਰੇਸ਼ਨ' ਦੌਰਾਨ ਸ਼ਹੀਦ ਹੋਣ ਵਾਲੇ ਸਿੰਘਾਂ ਦੀ ਯਾਦ ਵਿੱਚ ਜ਼ਿਲ੍ਹਾ ਜਲੰਧਰ ਦੇ ਕਸਬਾ ਭੋਗਪੁਰ, ਆਦਮਪੁਰ, ਨਵਾਂ ਸ਼ਹਿਰ, ਫਿਲੌਰ, ਨਿਕੋਦਰ, ਕਰਤਾਰਪੁਰ ਅਤੇ ਜਲੰਧਰ ਦੇ ਗੁਰਦੁਆਰਿਆਂ ਮਾਡਲ ਟਾਊਨ ਵਿਖੇ ਅਖੰਡ ਪਾਠ ਕਰਾਏ ਗਏ। ਬਿਆਨ ਅਨੁਸਾਰ ਸਾਲ 1984 ਅਤੇ 1988 ਵਿੱਚ ਦਰਬਾਰ ਸਾਹਿਬ ਵਿੱਚ ਸਰਕਾਰ ਵੱਲੋਂ ਮਾਰੇ ਜਾਣ ਵਾਲਿਆਂ ਨੂੰ ਸ਼ਹੀਦ ਕਰਾਰ ਦਿੱਤਾ ਗਿਆ। ਸਰਕਾਰ ਵੱਲੋਂ ਸਰਕਾਰੀ ਪ੍ਰਚਾਰ ਸਾਧਨਾਂ ਅਤੇ ਕੁਝ ਵਿਕਾਊ ਅਖਬਾਰਾਂ ਵੱਲੋਂ ਸਿੰਘਾਂ ਵਿਰੁੱਧ ਗਲਤ ਪ੍ਰਚਾਰ ਕਰਨ ਦੀ ਨਿਖੇਧੀ ਕੀਤੀ ਹੈ। ਕਾਲੀ ਗਰਜ ਦੌਰਾਨ ਸ਼ਹੀਦ ਹੋਣ ਵਾਲੇ ਖਾੜਕੂਆਂ ਦੀ ਭਰਪੂਰ ਸ਼ਲਾਘਾ ਕੀਤੀ ਗਈ।
